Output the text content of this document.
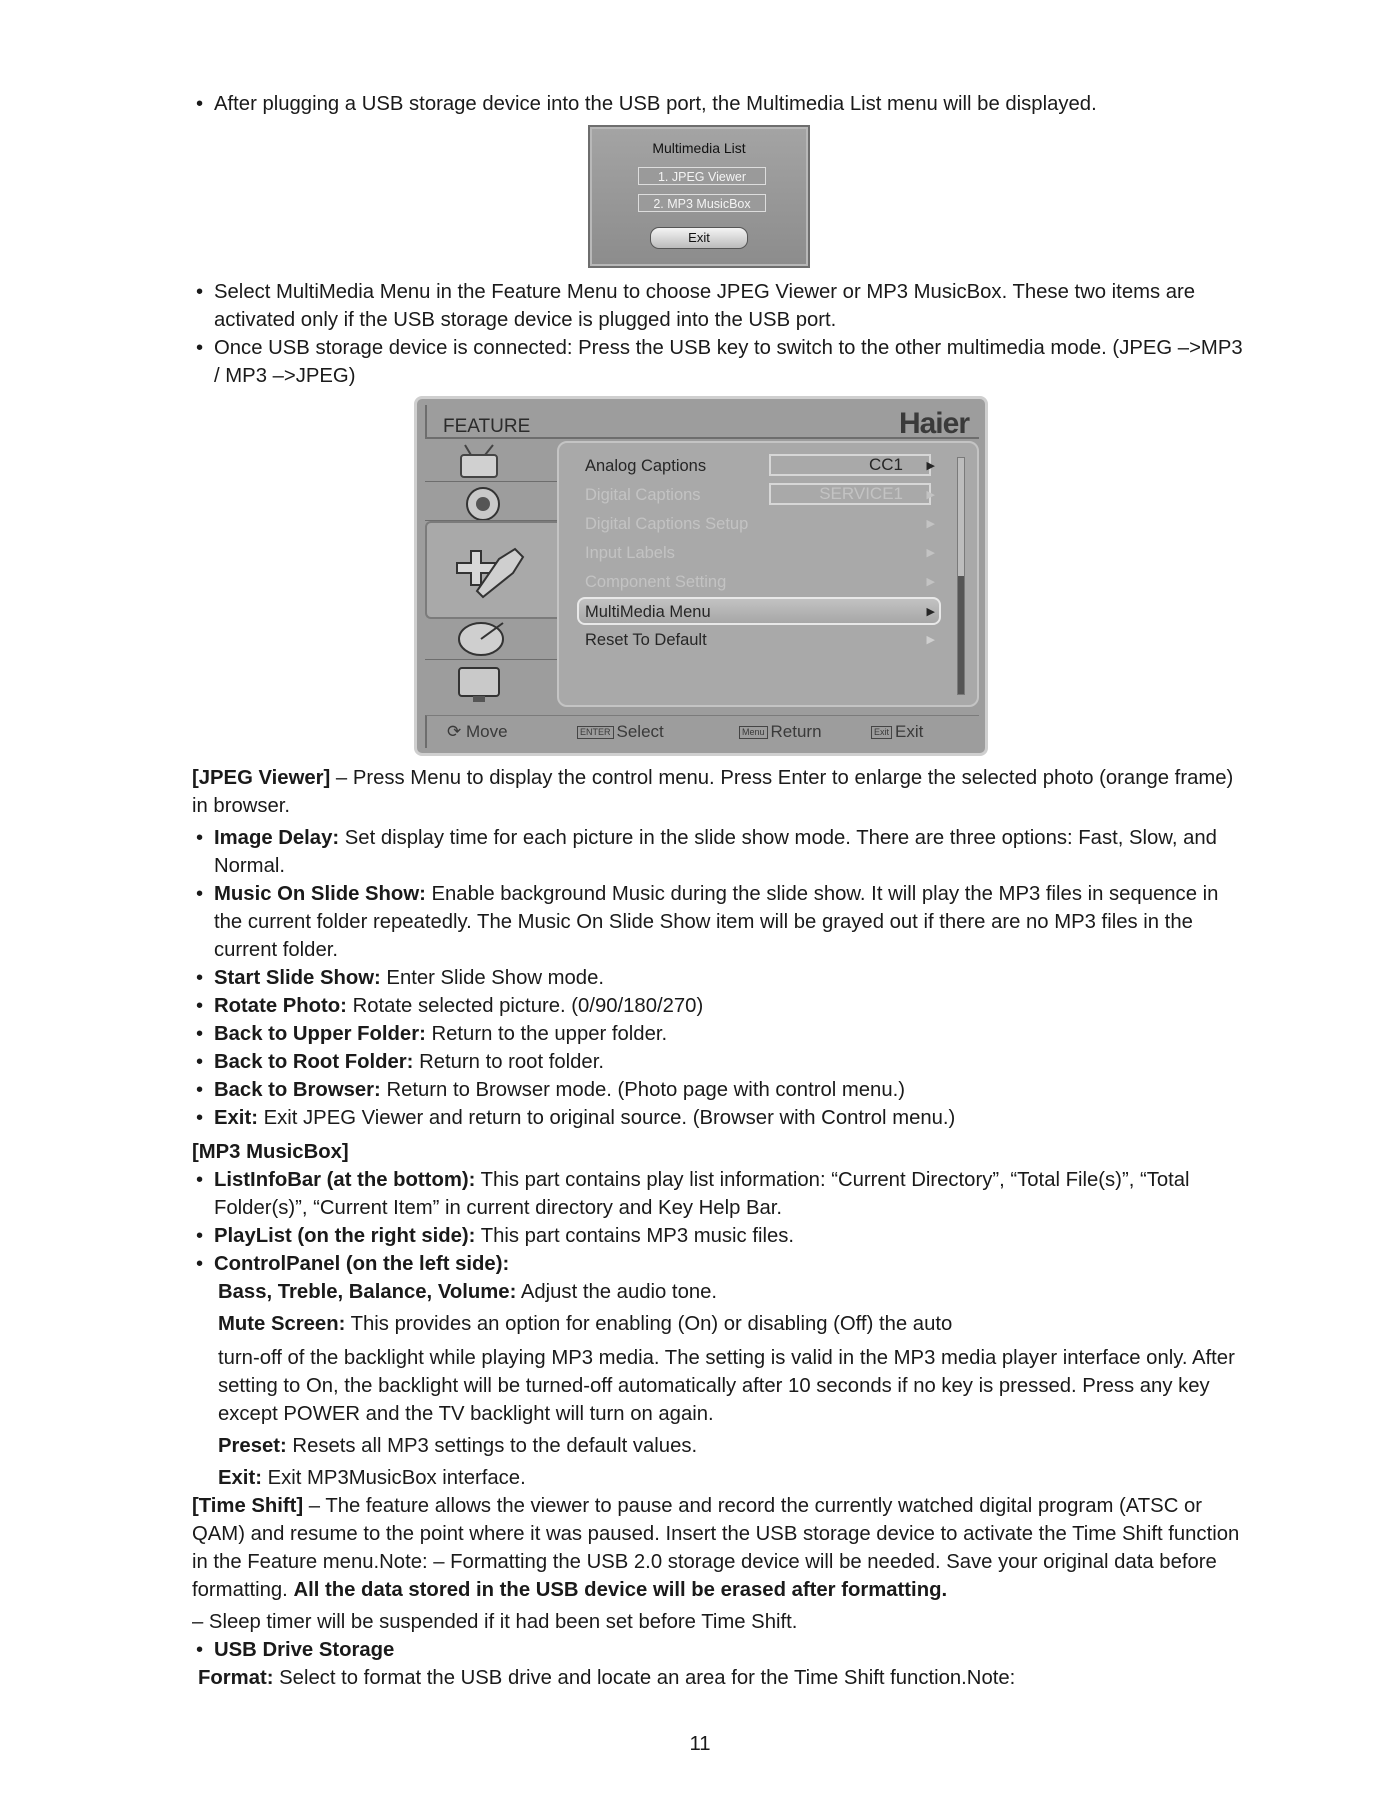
• After plugging a USB storage device into the USB port, the Multimedia List menu will be displayed.
Multimedia List
1. JPEG Viewer
2. MP3 MusicBox
Exit
• Select MultiMedia Menu in the Feature Menu to choose JPEG Viewer or MP3 MusicBox. These two items are activated only if the USB storage device is plugged into the USB port.
• Once USB storage device is connected: Press the USB key to switch to the other multimedia mode. (JPEG –>MP3 / MP3 –>JPEG)
FEATURE	Haier
Analog Captions	CC1	▶
Digital Captions	SERVICE1	▶
Digital Captions Setup	▶
Input Labels	▶
Component Setting	▶
MultiMedia Menu	▶
Reset To Default	▶
⟳ Move	ENTER Select	Menu Return	Exit Exit

[JPEG Viewer] – Press Menu to display the control menu. Press Enter to enlarge the selected photo (orange frame) in browser.

• Image Delay: Set display time for each picture in the slide show mode. There are three options: Fast, Slow, and Normal.
• Music On Slide Show: Enable background Music during the slide show. It will play the MP3 files in sequence in the current folder repeatedly. The Music On Slide Show item will be grayed out if there are no MP3 files in the current folder.
• Start Slide Show: Enter Slide Show mode.
• Rotate Photo: Rotate selected picture. (0/90/180/270)
• Back to Upper Folder: Return to the upper folder.
• Back to Root Folder: Return to root folder.
• Back to Browser: Return to Browser mode. (Photo page with control menu.)
• Exit: Exit JPEG Viewer and return to original source. (Browser with Control menu.)

[MP3 MusicBox]

• ListInfoBar (at the bottom): This part contains play list information: “Current Directory”, “Total File(s)”, “Total Folder(s)”, “Current Item” in current directory and Key Help Bar.
• PlayList (on the right side): This part contains MP3 music files.
• ControlPanel (on the left side):

Bass, Treble, Balance, Volume: Adjust the audio tone.

Mute Screen: This provides an option for enabling (On) or disabling (Off) the auto

turn-off of the backlight while playing MP3 media. The setting is valid in the MP3 media player interface only. After setting to On, the backlight will be turned-off automatically after 10 seconds if no key is pressed. Press any key except POWER and the TV backlight will turn on again.

Preset: Resets all MP3 settings to the default values.

Exit: Exit MP3MusicBox interface.

[Time Shift] – The feature allows the viewer to pause and record the currently watched digital program (ATSC or QAM) and resume to the point where it was paused. Insert the USB storage device to activate the Time Shift function in the Feature menu.Note: – Formatting the USB 2.0 storage device will be needed. Save your original data before formatting. All the data stored in the USB device will be erased after formatting.

– Sleep timer will be suspended if it had been set before Time Shift.

• USB Drive Storage

Format: Select to format the USB drive and locate an area for the Time Shift function.Note:

11
